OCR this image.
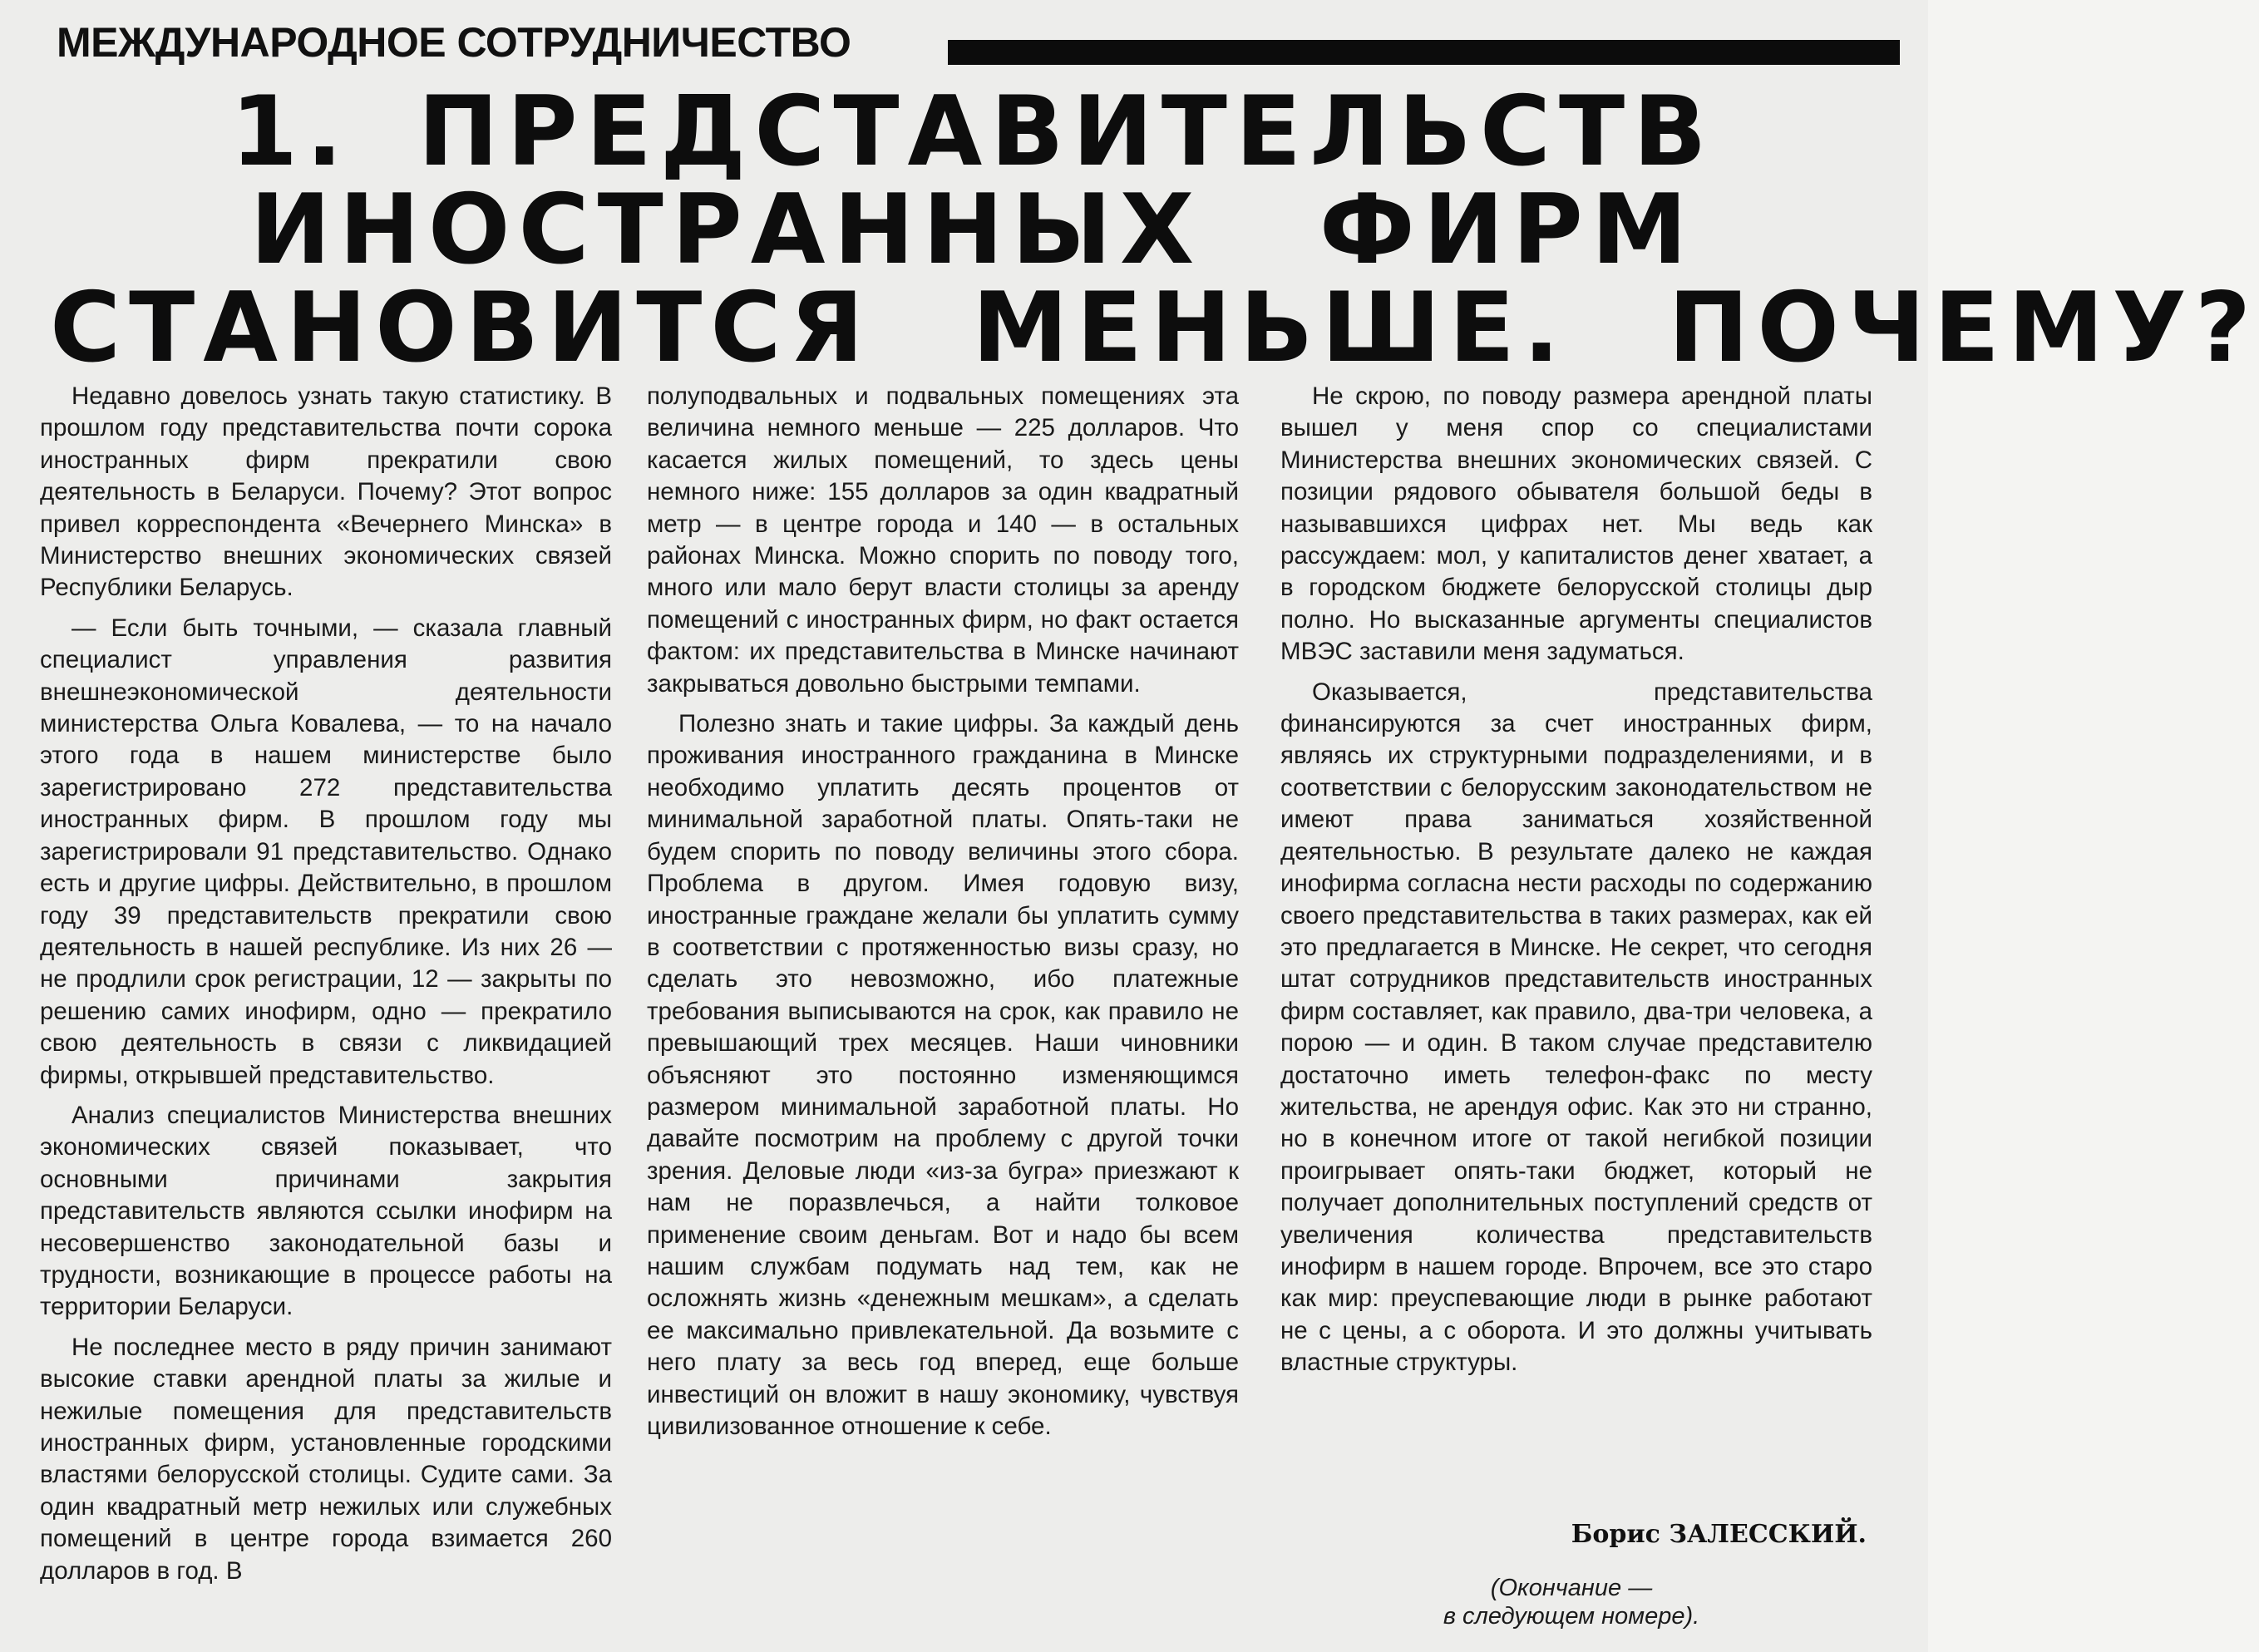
МЕЖДУНАРОДНОЕ СОТРУДНИЧЕСТВО
1. ПРЕДСТАВИТЕЛЬСТВ
ИНОСТРАННЫХ ФИРМ
СТАНОВИТСЯ МЕНЬШЕ. ПОЧЕМУ?

Недавно довелось узнать такую статистику. В прошлом году представительства почти сорока иностранных фирм прекратили свою деятельность в Беларуси. Почему? Этот вопрос привел корреспондента «Вечернего Минска» в Министерство внешних экономических связей Республики Беларусь.

— Если быть точными, — сказала главный специалист управления развития внешнеэкономической деятельности министерства Ольга Ковалева, — то на начало этого года в нашем министерстве было зарегистрировано 272 представительства иностранных фирм. В прошлом году мы зарегистрировали 91 представительство. Однако есть и другие цифры. Действительно, в прошлом году 39 представительств прекратили свою деятельность в нашей республике. Из них 26 — не продлили срок регистрации, 12 — закрыты по решению самих инофирм, одно — прекратило свою деятельность в связи с ликвидацией фирмы, открывшей представительство.

Анализ специалистов Министерства внешних экономических связей показывает, что основными причинами закрытия представительств являются ссылки инофирм на несовершенство законодательной базы и трудности, возникающие в процессе работы на территории Беларуси.

Не последнее место в ряду причин занимают высокие ставки арендной платы за жилые и нежилые помещения для представительств иностранных фирм, установленные городскими властями белорусской столицы. Судите сами. За один квадратный метр нежилых или служебных помещений в центре города взимается 260 долларов в год. В

полуподвальных и подвальных помещениях эта величина немного меньше — 225 долларов. Что касается жилых помещений, то здесь цены немного ниже: 155 долларов за один квадратный метр — в центре города и 140 — в остальных районах Минска. Можно спорить по поводу того, много или мало берут власти столицы за аренду помещений с иностранных фирм, но факт остается фактом: их представительства в Минске начинают закрываться довольно быстрыми темпами.

Полезно знать и такие цифры. За каждый день проживания иностранного гражданина в Минске необходимо уплатить десять процентов от минимальной заработной платы. Опять-таки не будем спорить по поводу величины этого сбора. Проблема в другом. Имея годовую визу, иностранные граждане желали бы уплатить сумму в соответствии с протяженностью визы сразу, но сделать это невозможно, ибо платежные требования выписываются на срок, как правило не превышающий трех месяцев. Наши чиновники объясняют это постоянно изменяющимся размером минимальной заработной платы. Но давайте посмотрим на проблему с другой точки зрения. Деловые люди «из-за бугра» приезжают к нам не поразвлечься, а найти толковое применение своим деньгам. Вот и надо бы всем нашим службам подумать над тем, как не осложнять жизнь «денежным мешкам», а сделать ее максимально привлекательной. Да возьмите с него плату за весь год вперед, еще больше инвестиций он вложит в нашу экономику, чувствуя цивилизованное отношение к себе.

Не скрою, по поводу размера арендной платы вышел у меня спор со специалистами Министерства внешних экономических связей. С позиции рядового обывателя большой беды в называвшихся цифрах нет. Мы ведь как рассуждаем: мол, у капиталистов денег хватает, а в городском бюджете белорусской столицы дыр полно. Но высказанные аргументы специалистов МВЭС заставили меня задуматься.

Оказывается, представительства финансируются за счет иностранных фирм, являясь их структурными подразделениями, и в соответствии с белорусским законодательством не имеют права заниматься хозяйственной деятельностью. В результате далеко не каждая инофирма согласна нести расходы по содержанию своего представительства в таких размерах, как ей это предлагается в Минске. Не секрет, что сегодня штат сотрудников представительств иностранных фирм составляет, как правило, два-три человека, а порою — и один. В таком случае представителю достаточно иметь телефон-факс по месту жительства, не арендуя офис. Как это ни странно, но в конечном итоге от такой негибкой позиции проигрывает опять-таки бюджет, который не получает дополнительных поступлений средств от увеличения количества представительств инофирм в нашем городе. Впрочем, все это старо как мир: преуспевающие люди в рынке работают не с цены, а с оборота. И это должны учитывать властные структуры.

Борис ЗАЛЕССКИЙ.
(Окончание —
в следующем номере).
